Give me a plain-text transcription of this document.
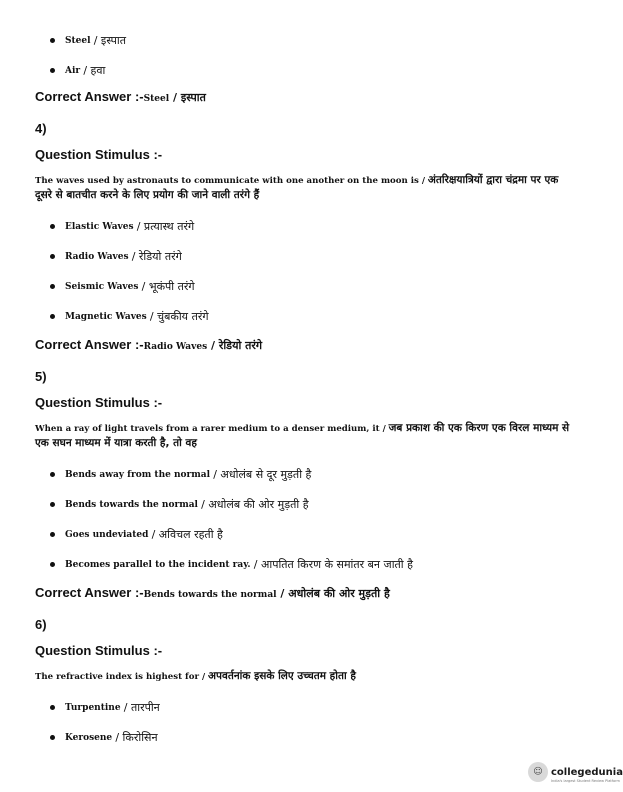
Steel
/ इस्पात
Air
/ हवा
Correct Answer :-Steel / इस्पात
4)
Question Stimulus :-
The waves used by astronauts to communicate with one another on the moon is / अंतरिक्षयात्रियों द्वारा चंद्रमा पर एक दूसरे से बातचीत करने के लिए प्रयोग की जाने वाली तरंगे हैं
Elastic Waves
/ प्रत्यास्थ तरंगे
Radio Waves
/ रेडियो तरंगे
Seismic Waves
/ भूकंपी तरंगे
Magnetic Waves
/ चुंबकीय तरंगे
Correct Answer :-Radio Waves / रेडियो तरंगे
5)
Question Stimulus :-
When a ray of light travels from a rarer medium to a denser medium, it / जब प्रकाश की एक किरण एक विरल माध्यम से एक सघन माध्यम में यात्रा करती है, तो वह
Bends away from the normal
/ अधोलंब से दूर मुड़ती है
Bends towards the normal
/ अधोलंब की ओर मुड़ती है
Goes undeviated
/ अविचल रहती है
Becomes parallel to the incident ray.
/ आपतित किरण के समांतर बन जाती है
Correct Answer :-Bends towards the normal / अधोलंब की ओर मुड़ती है
6)
Question Stimulus :-
The refractive index is highest for / अपवर्तनांक इसके लिए उच्चतम होता है
Turpentine
/ तारपीन
Kerosene
/ किरोसिन
☺ collegedunia
India's largest Student Review Platform
